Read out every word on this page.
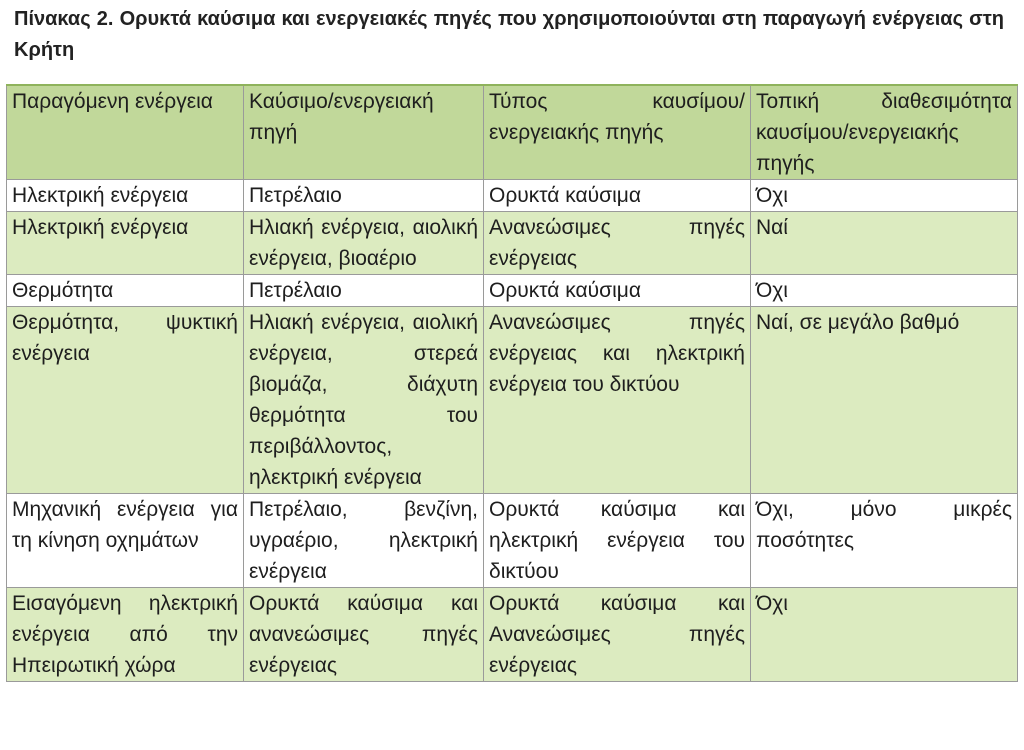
Πίνακας 2. Ορυκτά καύσιμα και ενεργειακές πηγές που χρησιμοποιούνται στη παραγωγή ενέργειας στη Κρήτη
Παραγόμενη ενέργεια	Καύσιμο/ενεργειακή πηγή	Τύπος καυσίμου/ενεργειακής πηγής	Τοπική διαθεσιμότητα καυσίμου/ενεργειακής πηγής
Ηλεκτρική ενέργεια	Πετρέλαιο	Ορυκτά καύσιμα	Όχι
Ηλεκτρική ενέργεια	Ηλιακή ενέργεια, αιολική ενέργεια, βιοαέριο	Ανανεώσιμες πηγές ενέργειας	Ναί
Θερμότητα	Πετρέλαιο	Ορυκτά καύσιμα	Όχι
Θερμότητα, ψυκτική ενέργεια	Ηλιακή ενέργεια, αιολική ενέργεια, στερεά βιομάζα, διάχυτη θερμότητα του περιβάλλοντος, ηλεκτρική ενέργεια	Ανανεώσιμες πηγές ενέργειας και ηλεκτρική ενέργεια του δικτύου	Ναί, σε μεγάλο βαθμό
Μηχανική ενέργεια για τη κίνηση οχημάτων	Πετρέλαιο, βενζίνη, υγραέριο, ηλεκτρική ενέργεια	Ορυκτά καύσιμα και ηλεκτρική ενέργεια του δικτύου	Όχι, μόνο μικρές ποσότητες
Εισαγόμενη ηλεκτρική ενέργεια από την Ηπειρωτική χώρα	Ορυκτά καύσιμα και ανανεώσιμες πηγές ενέργειας	Ορυκτά καύσιμα και Ανανεώσιμες πηγές ενέργειας	Όχι
